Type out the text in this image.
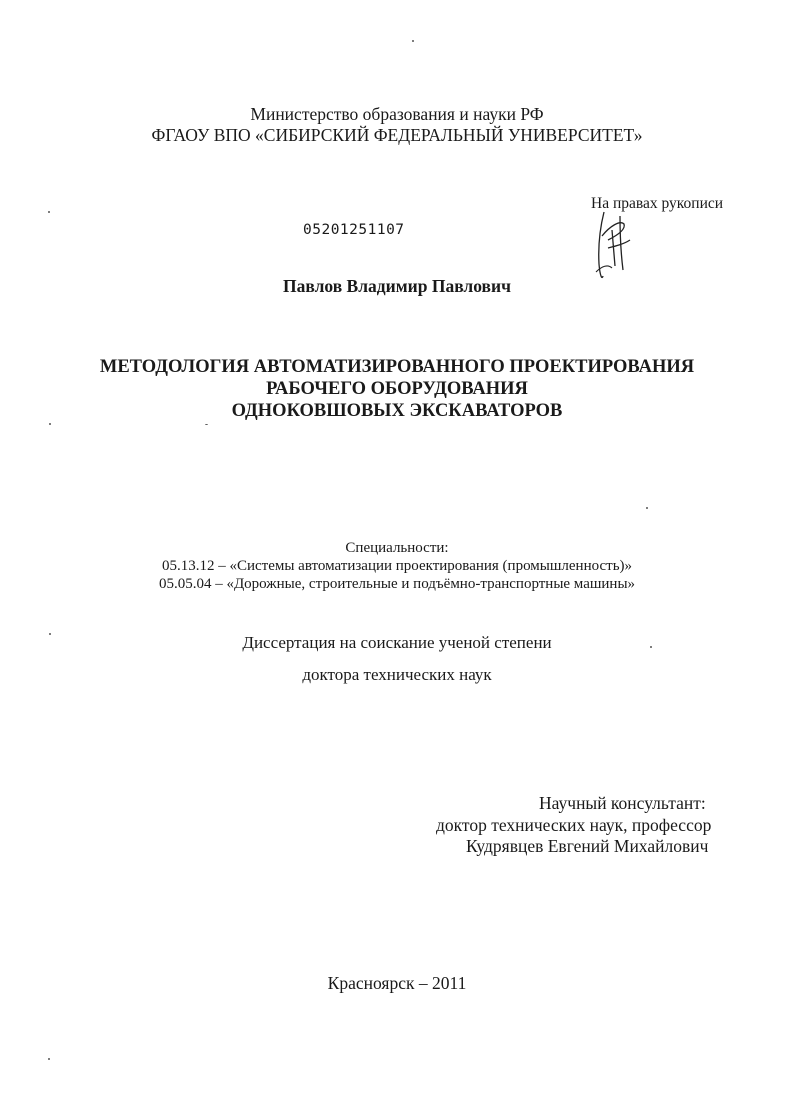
Министерство образования и науки РФ

ФГАОУ ВПО «СИБИРСКИЙ ФЕДЕРАЛЬНЫЙ УНИВЕРСИТЕТ»

На правах рукописи

05201251107

Павлов Владимир Павлович

МЕТОДОЛОГИЯ АВТОМАТИЗИРОВАННОГО ПРОЕКТИРОВАНИЯ

РАБОЧЕГО ОБОРУДОВАНИЯ

ОДНОКОВШОВЫХ ЭКСКАВАТОРОВ

Специальности:

05.13.12 – «Системы автоматизации проектирования (промышленность)»

05.05.04 – «Дорожные, строительные и подъёмно-транспортные машины»

Диссертация на соискание ученой степени

доктора технических наук

Научный консультант:

доктор технических наук, профессор

Кудрявцев Евгений Михайлович

Красноярск – 2011
